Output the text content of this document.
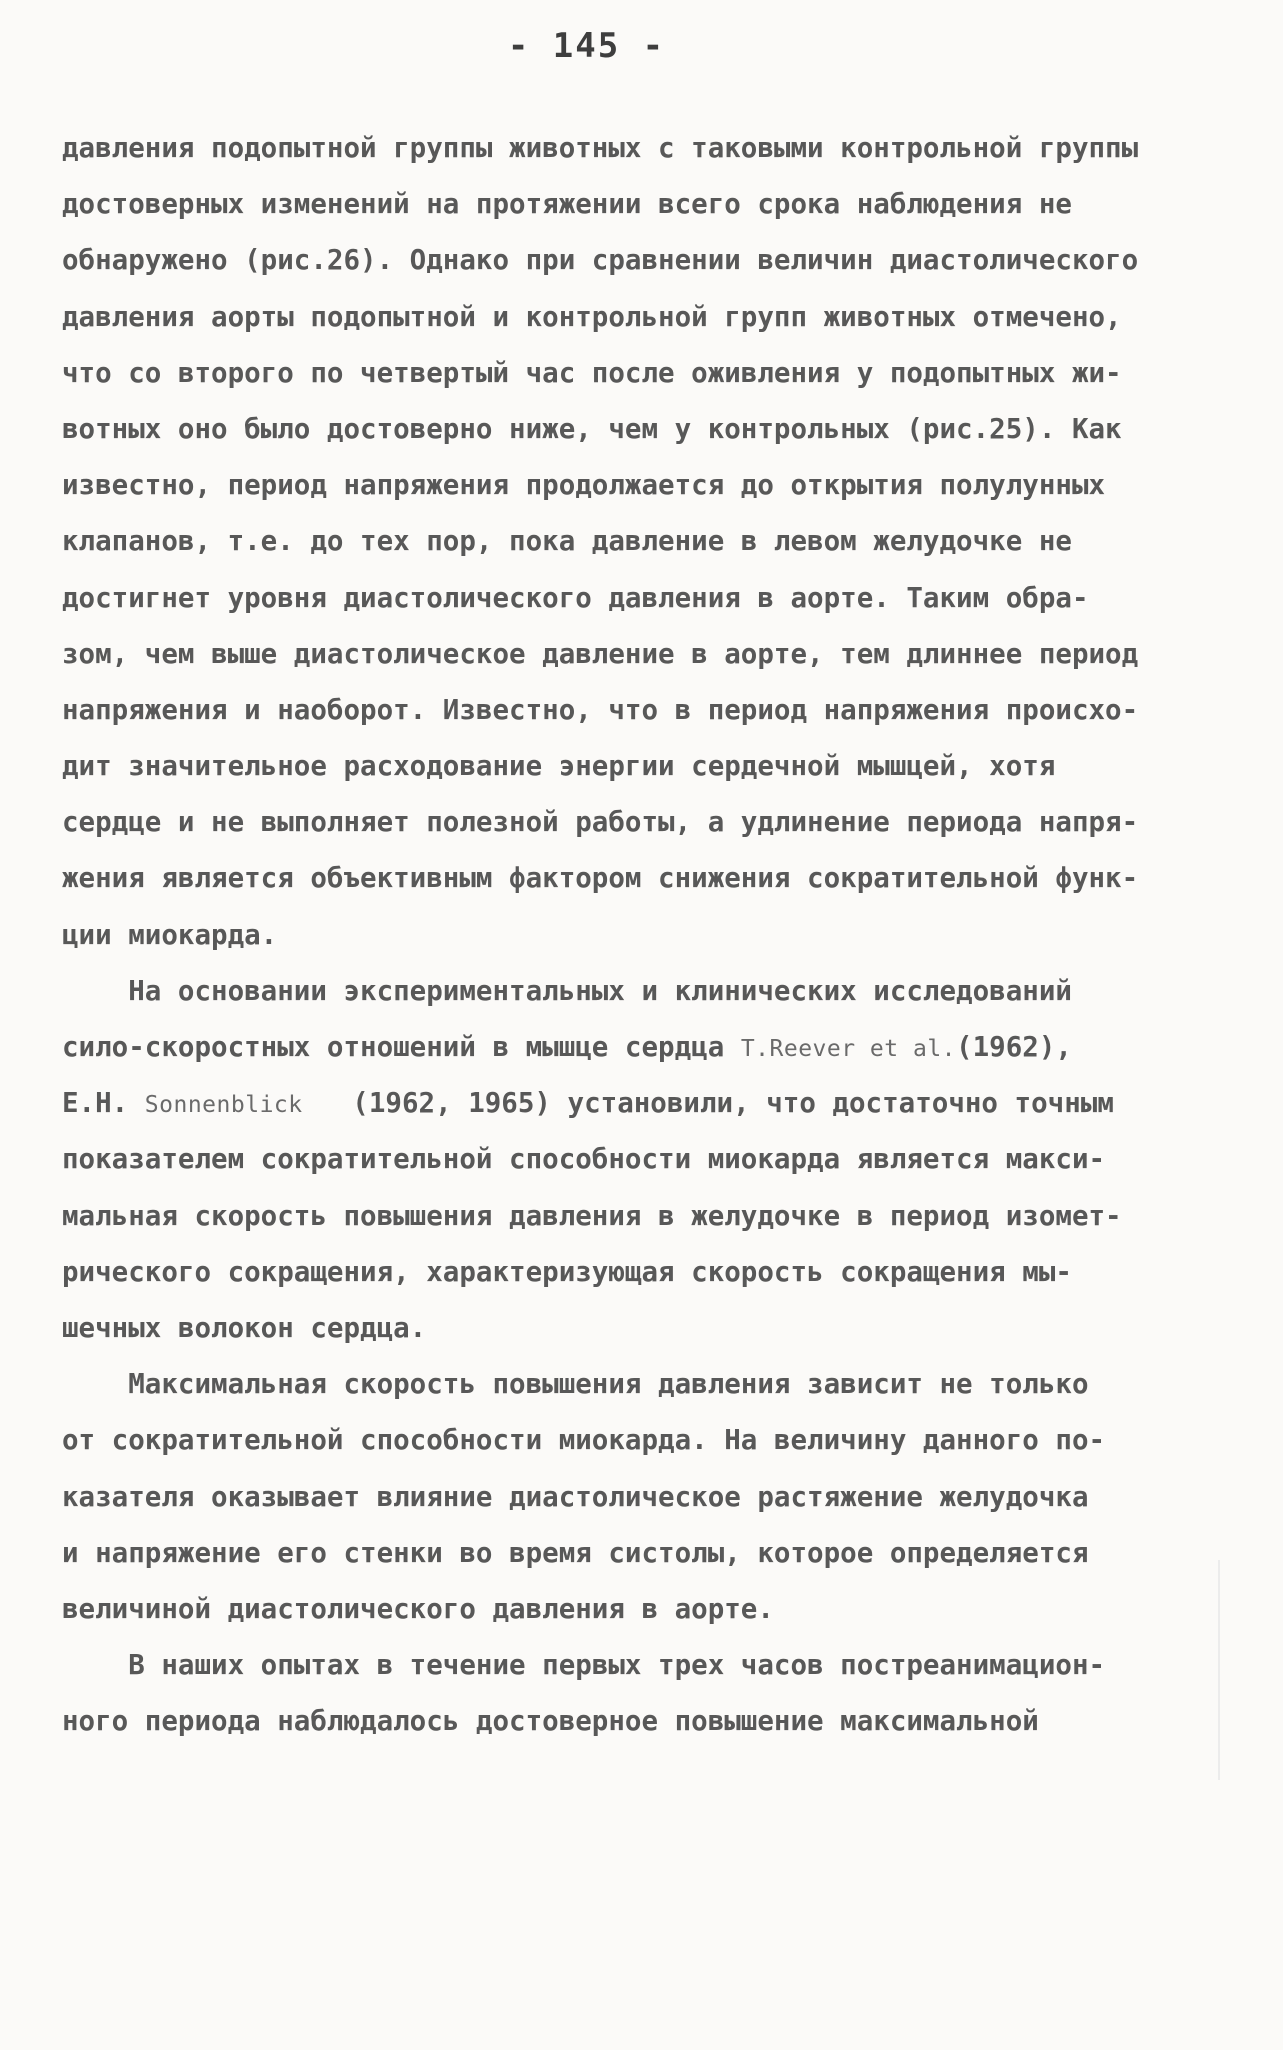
- 145 -
давления подопытной группы животных с таковыми контрольной группы
достоверных изменений на протяжении всего срока наблюдения не
обнаружено (рис.26). Однако при сравнении величин диастолического
давления аорты подопытной и контрольной групп животных отмечено,
что со второго по четвертый час после оживления у подопытных жи-
вотных оно было достоверно ниже, чем у контрольных (рис.25). Как
известно, период напряжения продолжается до открытия полулунных
клапанов, т.е. до тех пор, пока давление в левом желудочке не
достигнет уровня диастолического давления в аорте. Таким обра-
зом, чем выше диастолическое давление в аорте, тем длиннее период
напряжения и наоборот. Известно, что в период напряжения происхо-
дит значительное расходование энергии сердечной мышцей, хотя
сердце и не выполняет полезной работы, а удлинение периода напря-
жения является объективным фактором снижения сократительной функ-
ции миокарда.
На основании экспериментальных и клинических исследований
сило-скоростных отношений в мышце сердца T.Reever et al.(1962),
Е.Н. Sonnenblick   (1962, 1965) установили, что достаточно точным
показателем сократительной способности миокарда является макси-
мальная скорость повышения давления в желудочке в период изомет-
рического сокращения, характеризующая скорость сокращения мы-
шечных волокон сердца.
Максимальная скорость повышения давления зависит не только
от сократительной способности миокарда. На величину данного по-
казателя оказывает влияние диастолическое растяжение желудочка
и напряжение его стенки во время систолы, которое определяется
величиной диастолического давления в аорте.
В наших опытах в течение первых трех часов постреанимацион-
ного периода наблюдалось достоверное повышение максимальной
